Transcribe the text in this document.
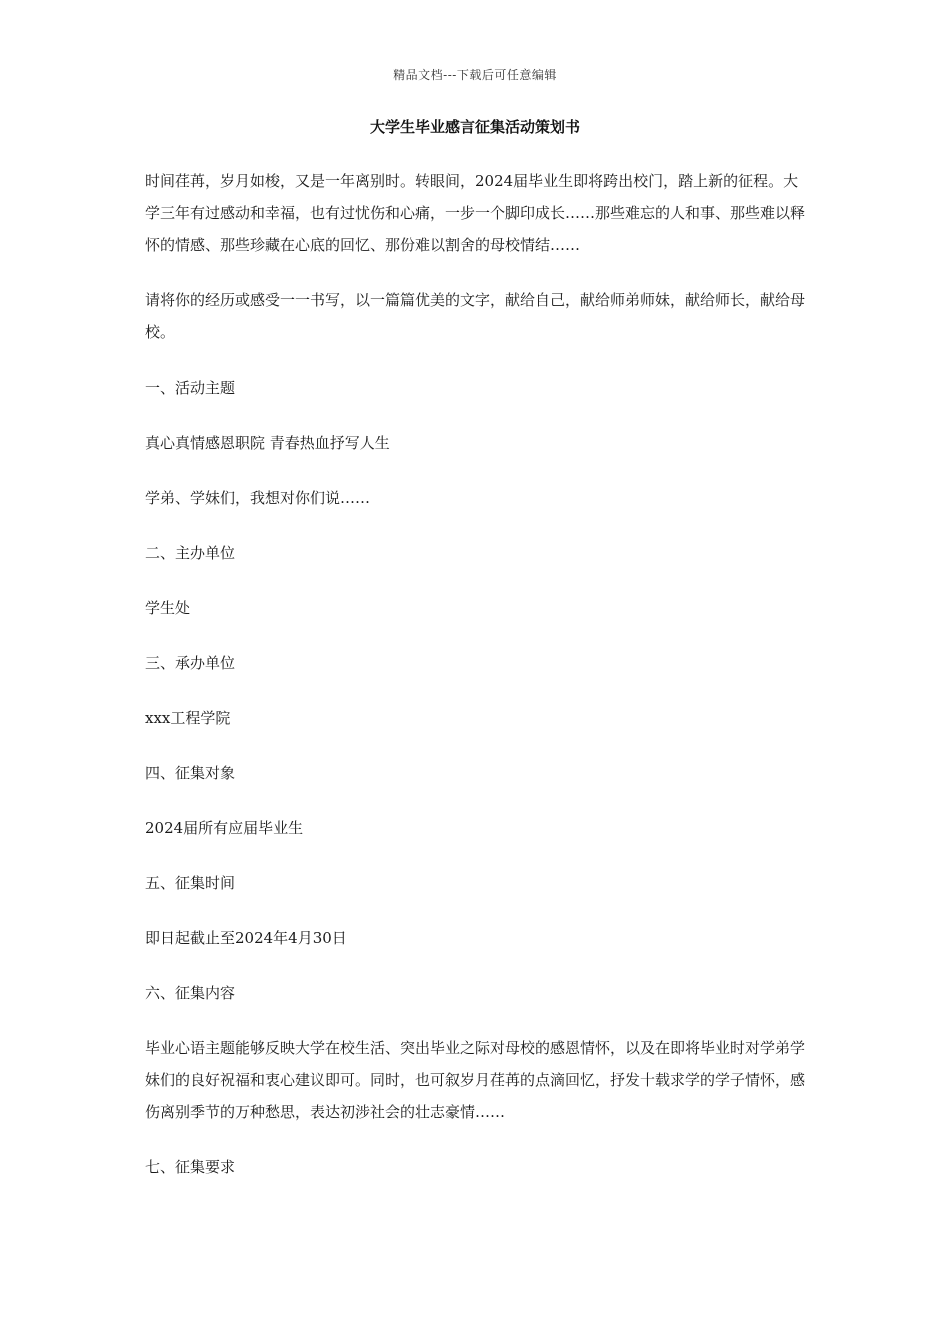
精品文档---下载后可任意编辑
大学生毕业感言征集活动策划书

时间荏苒，岁月如梭，又是一年离别时。转眼间，2024届毕业生即将跨出校门，踏上新的征程。大学三年有过感动和幸福，也有过忧伤和心痛，一步一个脚印成长……那些难忘的人和事、那些难以释怀的情感、那些珍藏在心底的回忆、那份难以割舍的母校情结……

请将你的经历或感受一一书写，以一篇篇优美的文字，献给自己，献给师弟师妹，献给师长，献给母校。

一、活动主题

真心真情感恩职院 青春热血抒写人生

学弟、学妹们，我想对你们说……

二、主办单位

学生处

三、承办单位

xxx工程学院

四、征集对象

2024届所有应届毕业生

五、征集时间

即日起截止至2024年4月30日

六、征集内容

毕业心语主题能够反映大学在校生活、突出毕业之际对母校的感恩情怀，以及在即将毕业时对学弟学妹们的良好祝福和衷心建议即可。同时，也可叙岁月荏苒的点滴回忆，抒发十载求学的学子情怀，感伤离别季节的万种愁思，表达初涉社会的壮志豪情……

七、征集要求
